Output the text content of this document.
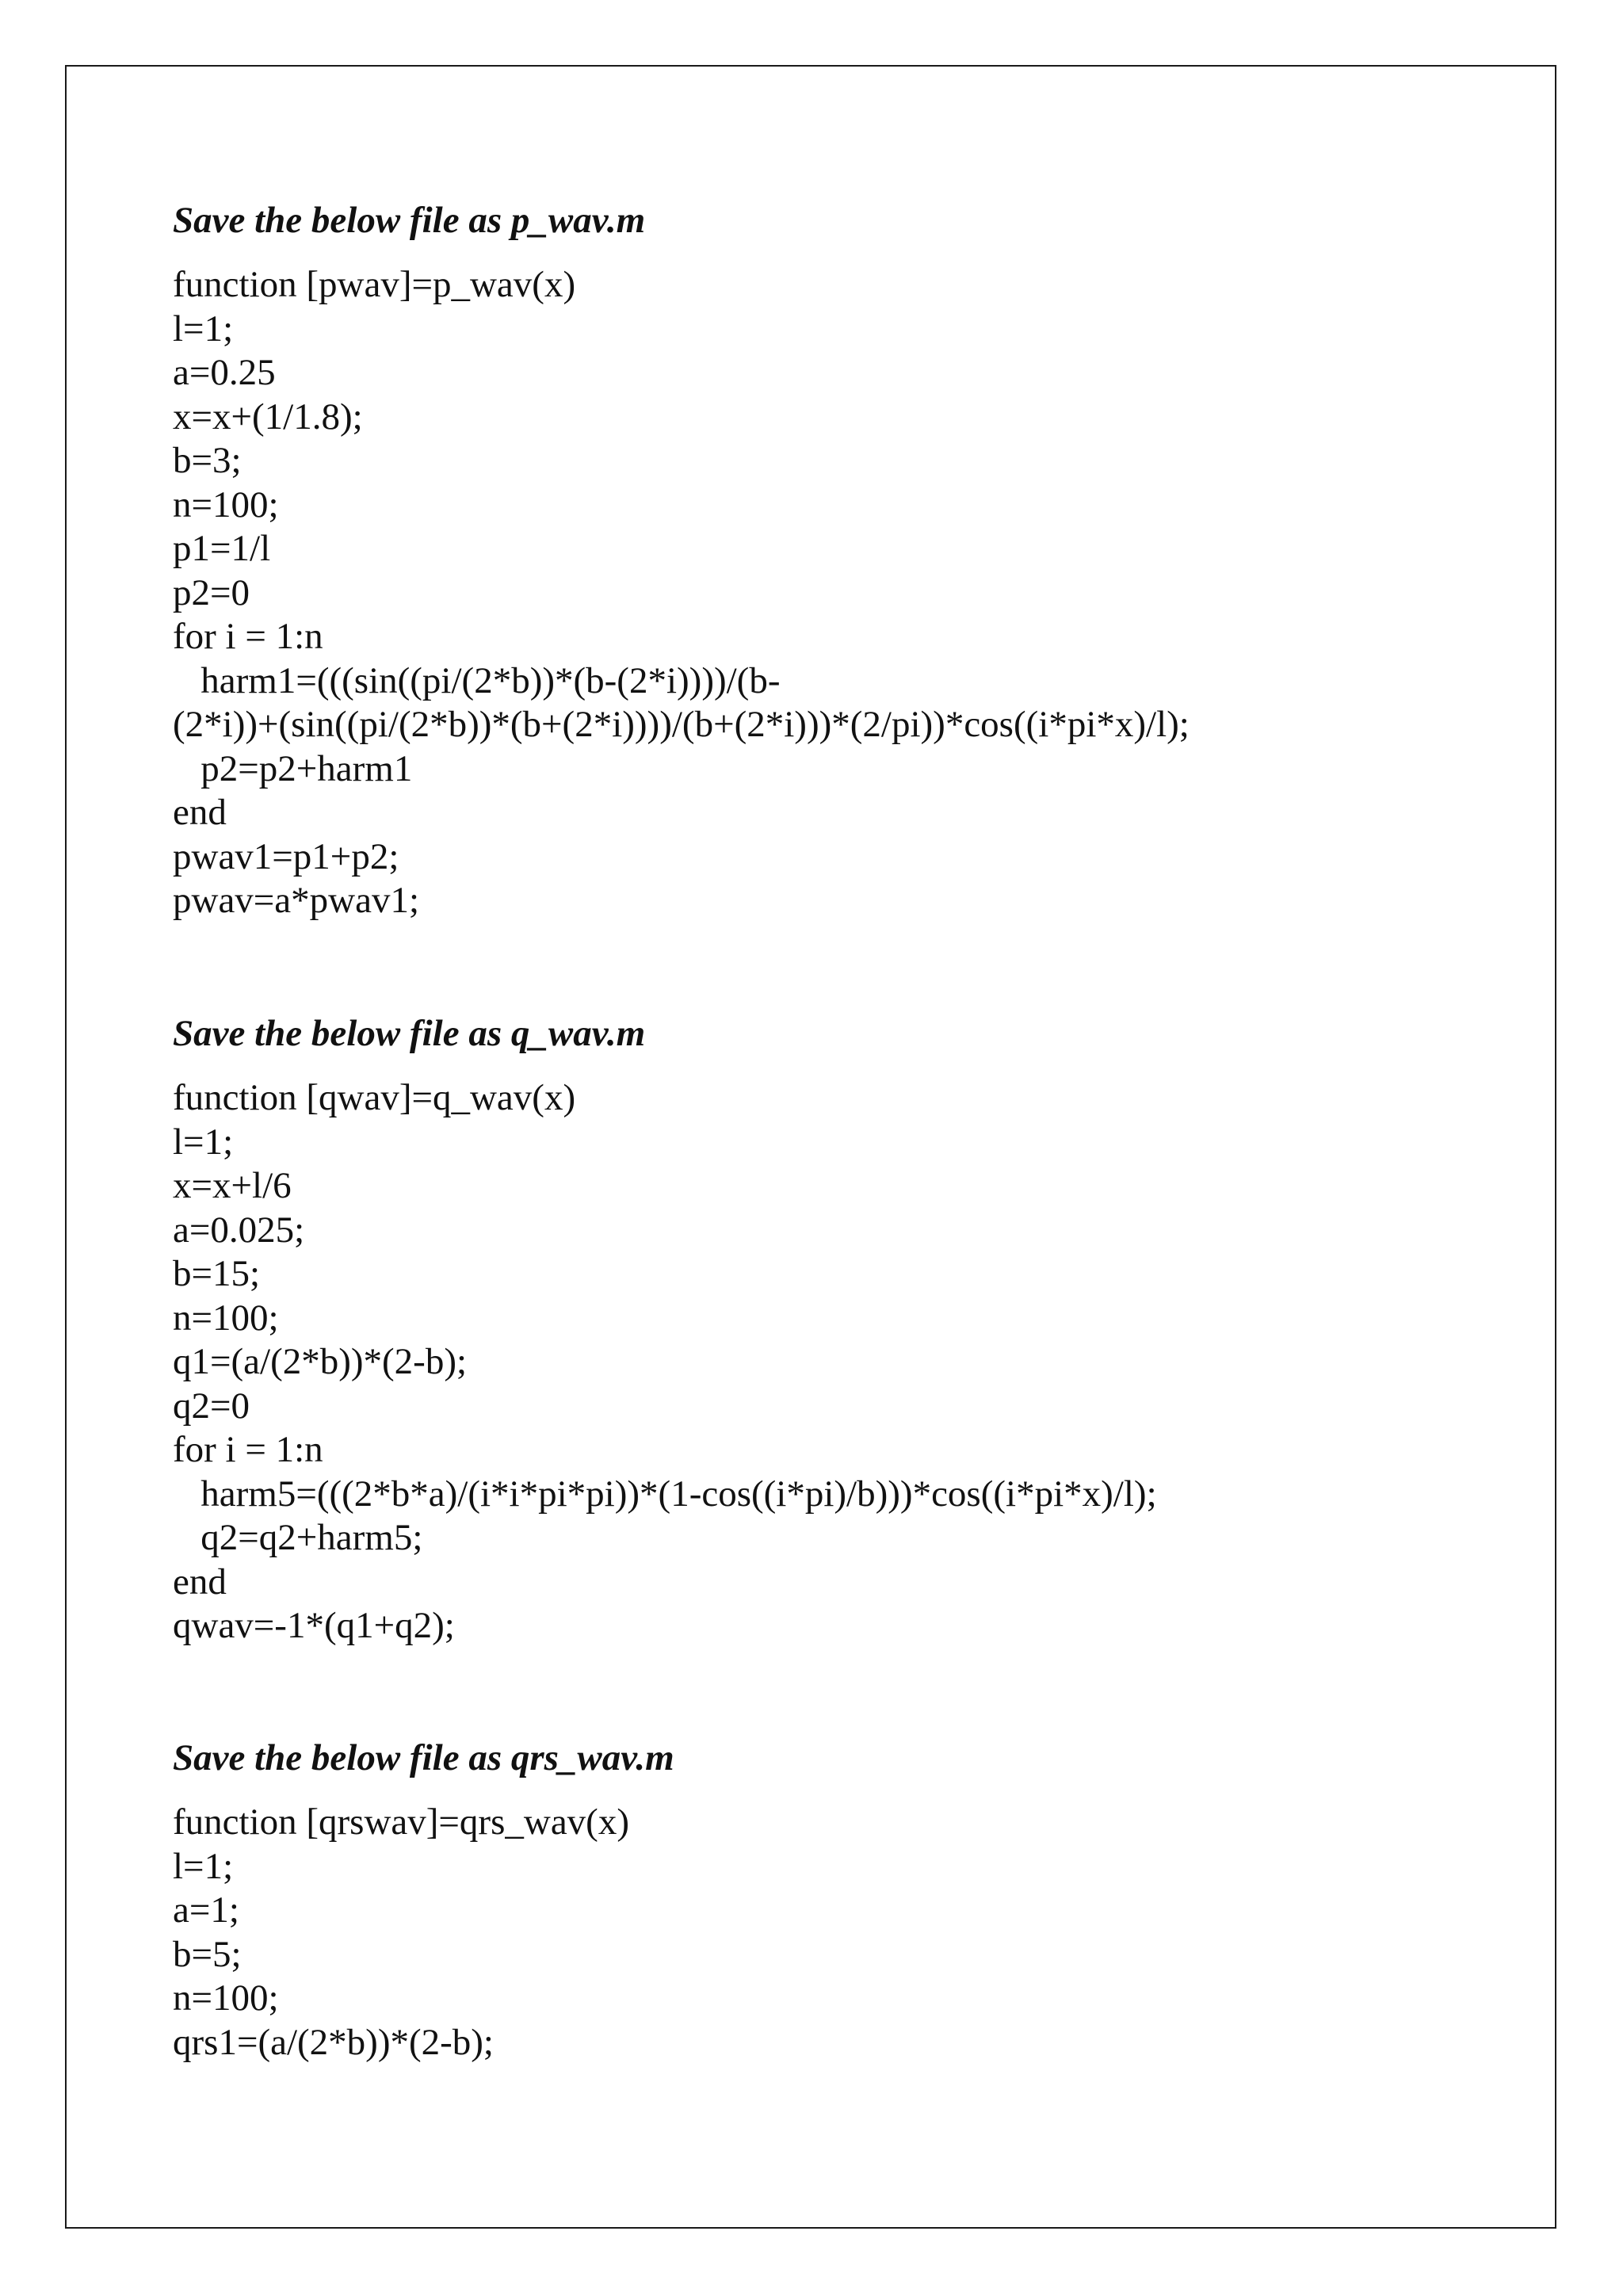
Save the below file as p_wav.m

function [pwav]=p_wav(x)
l=1;
a=0.25
x=x+(1/1.8);
b=3;
n=100;
p1=1/l
p2=0
for i = 1:n
harm1=(((sin((pi/(2*b))*(b-(2*i))))/(b-
(2*i))+(sin((pi/(2*b))*(b+(2*i))))/(b+(2*i)))*(2/pi))*cos((i*pi*x)/l);
p2=p2+harm1
end
pwav1=p1+p2;
pwav=a*pwav1;

Save the below file as q_wav.m

function [qwav]=q_wav(x)
l=1;
x=x+l/6
a=0.025;
b=15;
n=100;
q1=(a/(2*b))*(2-b);
q2=0
for i = 1:n
harm5=(((2*b*a)/(i*i*pi*pi))*(1-cos((i*pi)/b)))*cos((i*pi*x)/l);
q2=q2+harm5;
end
qwav=-1*(q1+q2);

Save the below file as qrs_wav.m

function [qrswav]=qrs_wav(x)
l=1;
a=1;
b=5;
n=100;
qrs1=(a/(2*b))*(2-b);
